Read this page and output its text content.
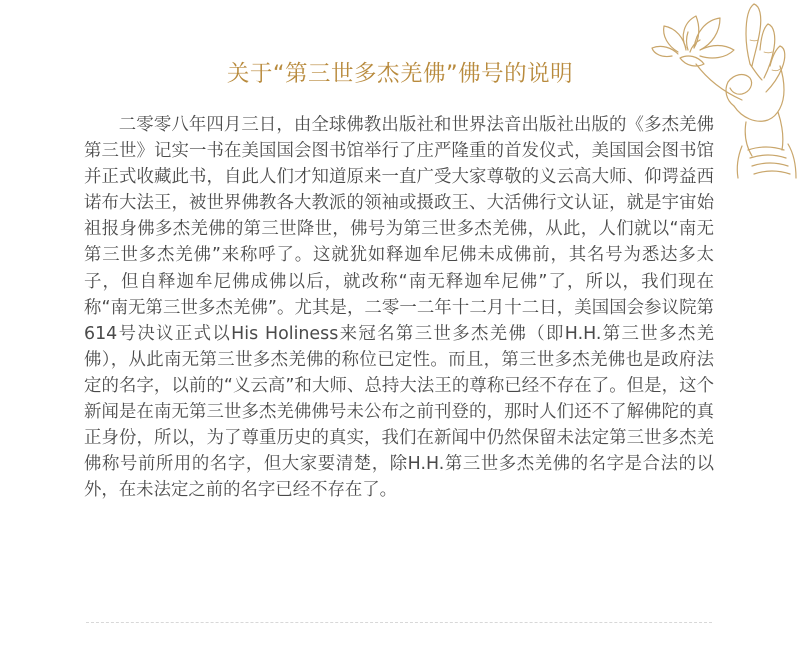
关于“第三世多杰羌佛”佛号的说明

二零零八年四月三日，由全球佛教出版社和世界法音出版社出版的《多杰羌佛第三世》记实一书在美国国会图书馆举行了庄严隆重的首发仪式，美国国会图书馆并正式收藏此书，自此人们才知道原来一直广受大家尊敬的义云高大师、仰谔益西诺布大法王，被世界佛教各大教派的领袖或摄政王、大活佛行文认证，就是宇宙始祖报身佛多杰羌佛的第三世降世，佛号为第三世多杰羌佛，从此，人们就以“南无第三世多杰羌佛”来称呼了。这就犹如释迦牟尼佛未成佛前，其名号为悉达多太子，但自释迦牟尼佛成佛以后，就改称“南无释迦牟尼佛”了，所以，我们现在称“南无第三世多杰羌佛”。尤其是，二零一二年十二月十二日，美国国会参议院第614号决议正式以His Holiness来冠名第三世多杰羌佛（即H.H.第三世多杰羌佛），从此南无第三世多杰羌佛的称位已定性。而且，第三世多杰羌佛也是政府法定的名字，以前的“义云高”和大师、总持大法王的尊称已经不存在了。但是，这个新闻是在南无第三世多杰羌佛佛号未公布之前刊登的，那时人们还不了解佛陀的真正身份，所以，为了尊重历史的真实，我们在新闻中仍然保留未法定第三世多杰羌佛称号前所用的名字，但大家要清楚，除H.H.第三世多杰羌佛的名字是合法的以外，在未法定之前的名字已经不存在了。
